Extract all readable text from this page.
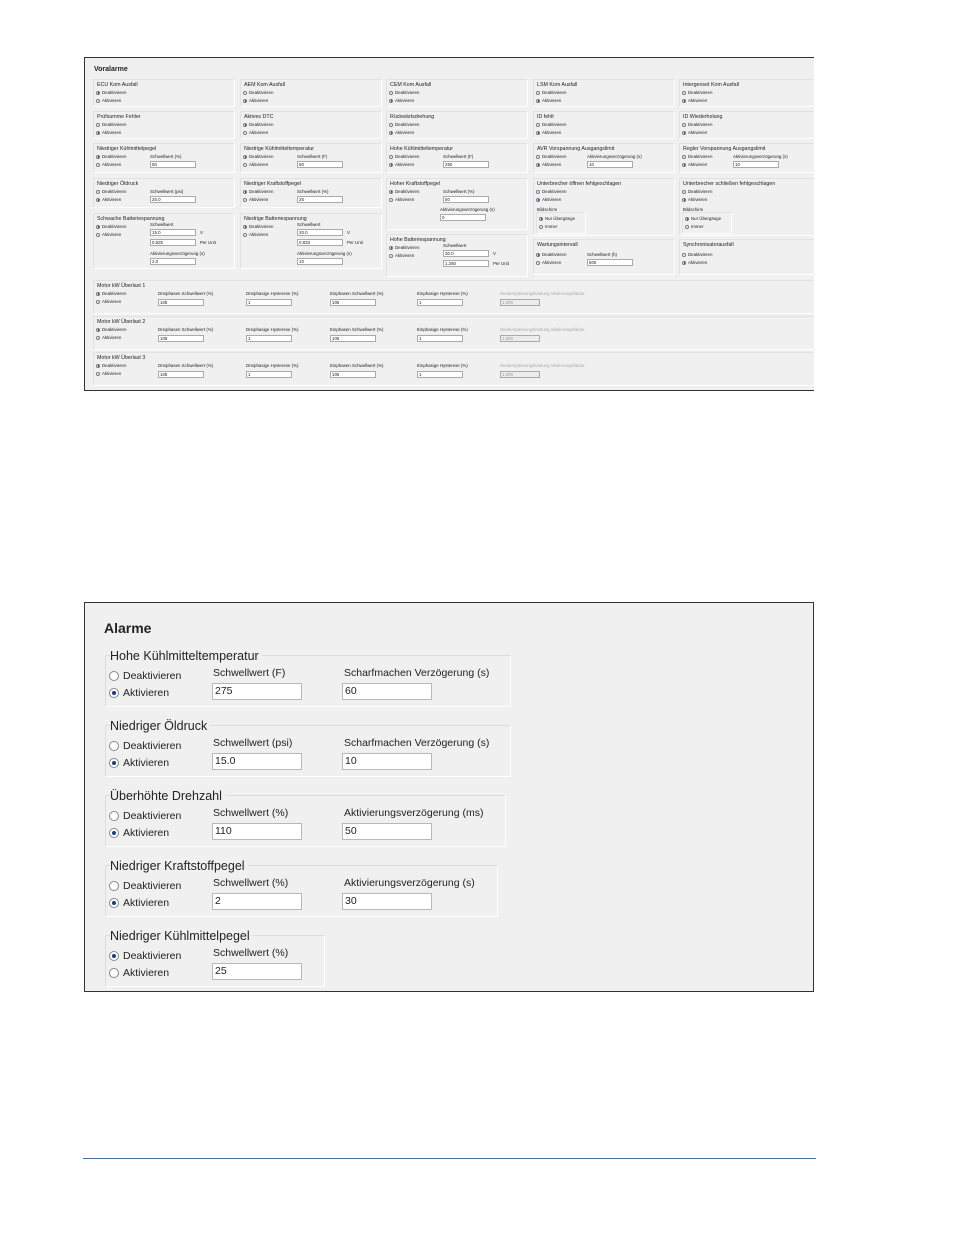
Voralarme
ECU Kom Ausfall
Deaktivieren
Aktivieren
AEM Kom Ausfall
Deaktivieren
Aktivieren
CEM Kom Ausfall
Deaktivieren
Aktivieren
LSM Kom Ausfall
Deaktivieren
Aktivieren
Intergenset Kom Ausfall
Deaktivieren
Aktivieren
Prüfsumme Fehler
Deaktivieren
Aktivieren
Aktives DTC
Deaktivieren
Aktivieren
Rückwärtsdrehung
Deaktivieren
Aktivieren
ID fehlt
Deaktivieren
Aktivieren
ID Wiederholung
Deaktivieren
Aktivieren
Niedriger Kühlmittelpegel
Deaktivieren
Aktivieren
Schwellwert (%)
50
Niedrige Kühlmitteltemperatur
Deaktivieren
Aktivieren
Schwellwert (F)
50
Hohe Kühlmitteltemperatur
Deaktivieren
Aktivieren
Schwellwert (F)
250
AVR Vorspannung Ausgangslimit
Deaktivieren
Aktivieren
Aktivierungsverzögerung (s)
10
Regler Vorspannung Ausgangslimit
Deaktivieren
Aktivieren
Aktivierungsverzögerung (s)
10
Niedriger Öldruck
Deaktivieren
Aktivieren
Schwellwert (psi)
25.0
Niedriger Kraftstoffpegel
Deaktivieren
Aktivieren
Schwellwert (%)
25
Hoher Kraftstoffpegel
Deaktivieren
Aktivieren
Schwellwert (%)
50
Aktivierungsverzögerung (s)
0
Unterbrecher öffnen fehlgeschlagen
Deaktivieren
Aktivieren
Bildschirm
Nur Übergänge
Immer
Unterbrecher schließen fehlgeschlagen
Deaktivieren
Aktivieren
Bildschirm
Nur Übergänge
Immer
Schwache Batteriespannung
Deaktivieren
Aktivieren
Schwellwert
15.0	V
0.625	Per Unit
Aktivierungsverzögerung (s)
2.0
Niedrige Batteriespannung
Deaktivieren
Aktivieren
Schwellwert
20.0	V
0.833	Per Unit
Aktivierungsverzögerung (s)
10
Hohe Batteriespannung
Deaktivieren
Aktivieren
Schwellwert
30.0	V
1.250	Per Unit
Wartungsintervall
Deaktivieren
Aktivieren
Schwellwert (h)
500
Synchronisatorausfall
Deaktivieren
Aktivieren
Motor kW Überlast 1
Deaktivieren
Aktivieren
Dreiphasen Schwellwert (%)
105
Dreiphasige Hysterese (%)
1
Einphasen Schwellwert (%)
105
Einphasige Hysterese (%)
1
Niederspannungsleistung Skalierungsfaktor
1.000
Motor kW Überlast 2
Deaktivieren
Aktivieren
Dreiphasen Schwellwert (%)
105
Dreiphasige Hysterese (%)
1
Einphasen Schwellwert (%)
105
Einphasige Hysterese (%)
1
Niederspannungsleistung Skalierungsfaktor
1.000
Motor kW Überlast 3
Deaktivieren
Aktivieren
Dreiphasen Schwellwert (%)
105
Dreiphasige Hysterese (%)
1
Einphasen Schwellwert (%)
105
Einphasige Hysterese (%)
1
Niederspannungsleistung Skalierungsfaktor
1.000
Alarme
Hohe Kühlmitteltemperatur
Deaktivieren
Aktivieren
Schwellwert (F)
275
Scharfmachen Verzögerung (s)
60
Niedriger Öldruck
Deaktivieren
Aktivieren
Schwellwert (psi)
15.0
Scharfmachen Verzögerung (s)
10
Überhöhte Drehzahl
Deaktivieren
Aktivieren
Schwellwert (%)
110
Aktivierungsverzögerung (ms)
50
Niedriger Kraftstoffpegel
Deaktivieren
Aktivieren
Schwellwert (%)
2
Aktivierungsverzögerung (s)
30
Niedriger Kühlmittelpegel
Deaktivieren
Aktivieren
Schwellwert (%)
25
